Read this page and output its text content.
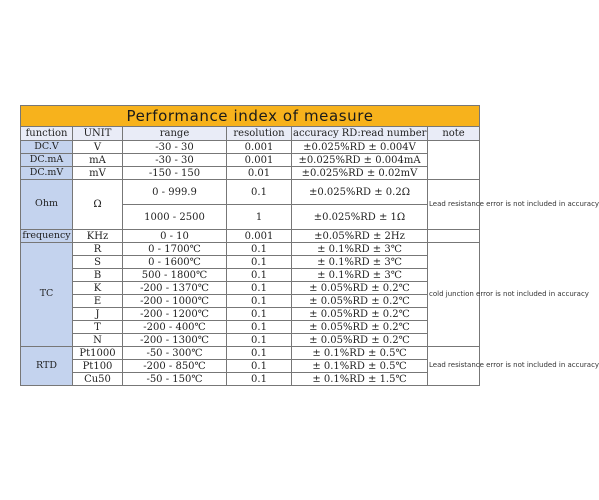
Performance index of measure					
function	UNIT	range	resolution	accuracy RD:read number	note
DC.V	V	-30 - 30	0.001	±0.025%RD ± 0.004V	
DC.mA	mA	-30 - 30	0.001	±0.025%RD ± 0.004mA	
DC.mV	mV	-150 - 150	0.01	±0.025%RD ± 0.02mV	
Ohm	Ω	0 - 999.9	0.1	±0.025%RD ± 0.2Ω	Lead resistance error is not included in accuracy
		1000 - 2500	1	±0.025%RD ± 1Ω	
frequency	KHz	0 - 10	0.001	±0.05%RD ± 2Hz	
TC	R	0 - 1700℃	0.1	± 0.1%RD ± 3℃	cold junction error is not included in accuracy
	S	0 - 1600℃	0.1	± 0.1%RD ± 3℃	
	B	500 - 1800℃	0.1	± 0.1%RD ± 3℃	
	K	-200 - 1370℃	0.1	± 0.05%RD ± 0.2℃	
	E	-200 - 1000℃	0.1	± 0.05%RD ± 0.2℃	
	J	-200 - 1200℃	0.1	± 0.05%RD ± 0.2℃	
	T	-200 - 400℃	0.1	± 0.05%RD ± 0.2℃	
	N	-200 - 1300℃	0.1	± 0.05%RD ± 0.2℃	
RTD	Pt1000	-50 - 300℃	0.1	± 0.1%RD ± 0.5℃	Lead resistance error is not included in accuracy
	Pt100	-200 - 850℃	0.1	± 0.1%RD ± 0.5℃	
	Cu50	-50 - 150℃	0.1	± 0.1%RD ± 1.5℃	
